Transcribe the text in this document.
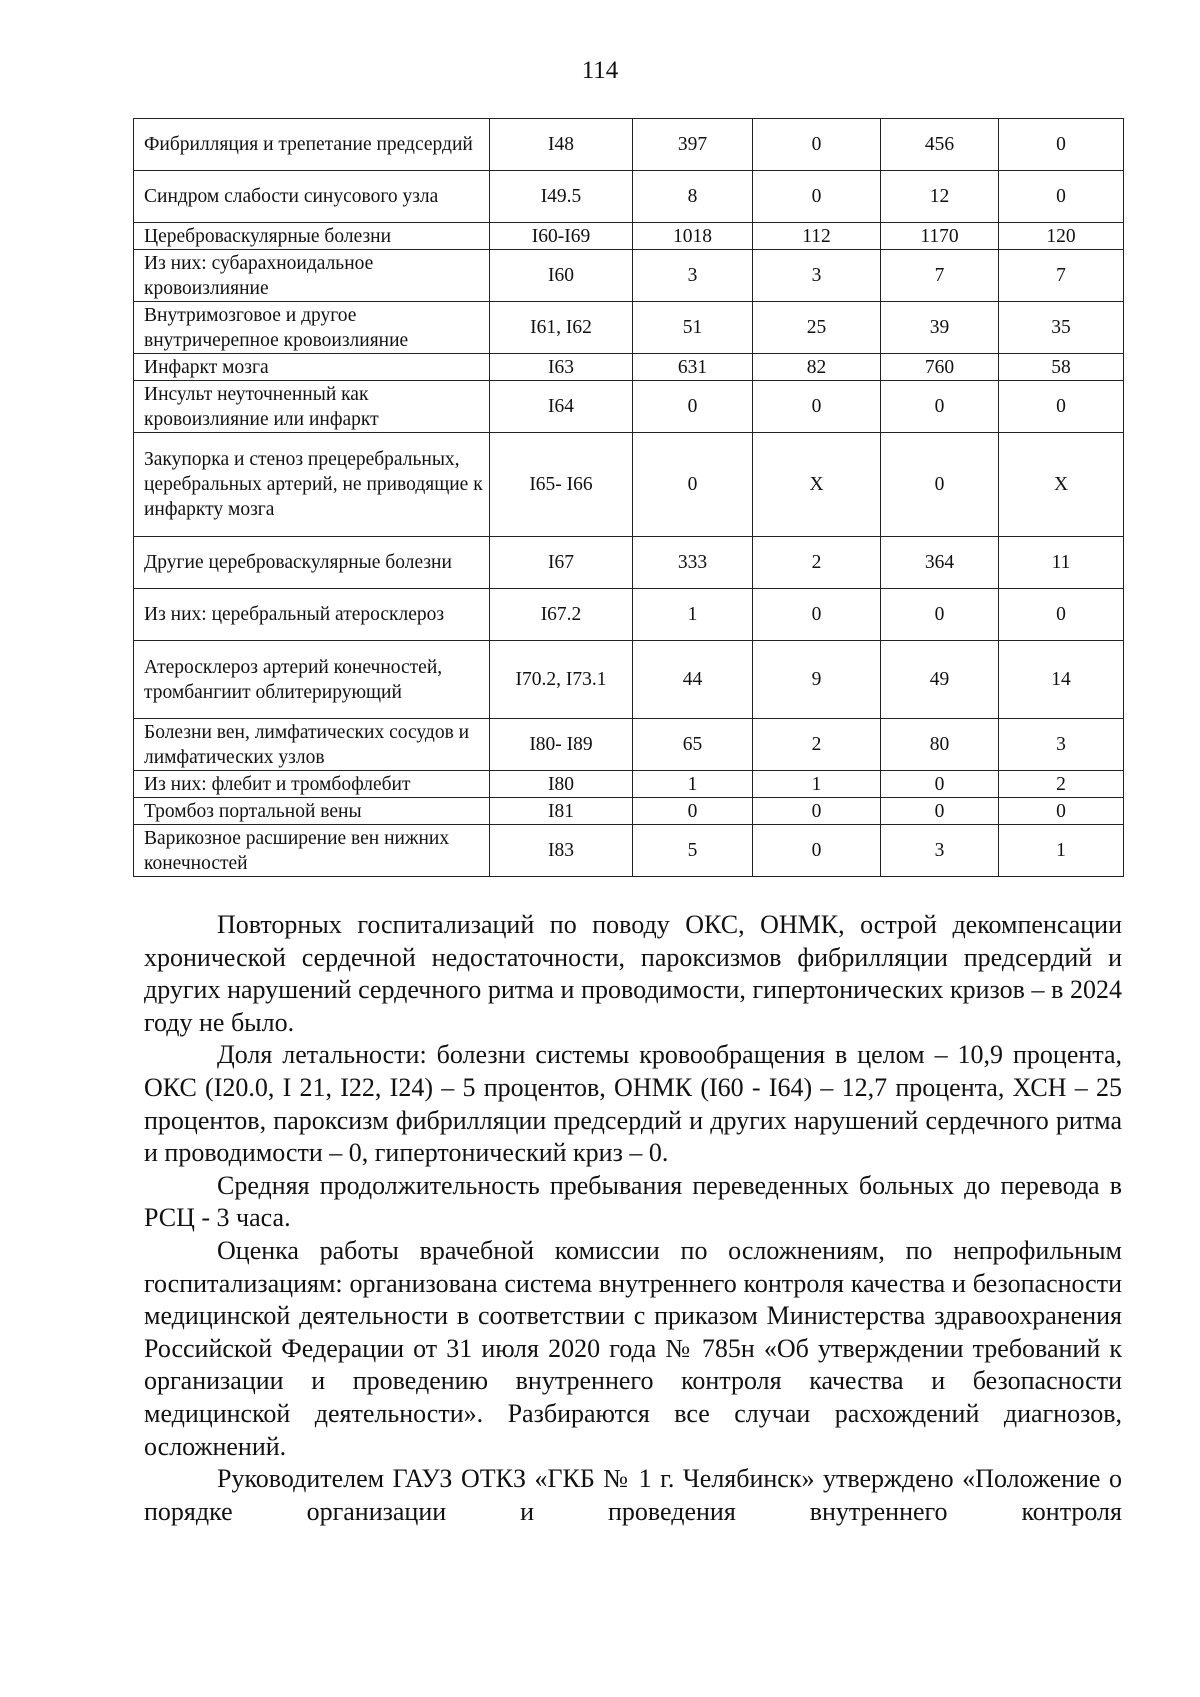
114
Фибрилляция и трепетание предсердий	I48	397	0	456	0
Синдром слабости синусового узла	I49.5	8	0	12	0
Цереброваскулярные болезни	I60-I69	1018	112	1170	120
Из них: субарахноидальное кровоизлияние	I60	3	3	7	7
Внутримозговое и другое внутричерепное кровоизлияние	I61, I62	51	25	39	35
Инфаркт мозга	I63	631	82	760	58
Инсульт неуточненный как кровоизлияние или инфаркт	I64	0	0	0	0
Закупорка и стеноз прецеребральных, церебральных артерий, не приводящие к инфаркту мозга	I65- I66	0	Х	0	Х
Другие цереброваскулярные болезни	I67	333	2	364	11
Из них: церебральный атеросклероз	I67.2	1	0	0	0
Атеросклероз артерий конечностей, тромбангиит облитерирующий	I70.2, I73.1	44	9	49	14
Болезни вен, лимфатических сосудов и лимфатических узлов	I80- I89	65	2	80	3
Из них: флебит и тромбофлебит	I80	1	1	0	2
Тромбоз портальной вены	I81	0	0	0	0
Варикозное расширение вен нижних конечностей	I83	5	0	3	1

Повторных госпитализаций по поводу ОКС, ОНМК, острой декомпенсации хронической сердечной недостаточности, пароксизмов фибрилляции предсердий и других нарушений сердечного ритма и проводимости, гипертонических кризов – в 2024 году не было.

Доля летальности: болезни системы кровообращения в целом – 10,9 процента, ОКС (I20.0, I 21, I22, I24) – 5 процентов, ОНМК (I60 - I64) – 12,7 процента, ХСН – 25 процентов, пароксизм фибрилляции предсердий и других нарушений сердечного ритма и проводимости – 0, гипертонический криз – 0.

Средняя продолжительность пребывания переведенных больных до перевода в РСЦ - 3 часа.

Оценка работы врачебной комиссии по осложнениям, по непрофильным госпитализациям: организована система внутреннего контроля качества и безопасности медицинской деятельности в соответствии с приказом Министерства здравоохранения Российской Федерации от 31 июля 2020 года № 785н «Об утверждении требований к организации и проведению внутреннего контроля качества и безопасности медицинской деятельности». Разбираются все случаи расхождений диагнозов, осложнений.

Руководителем ГАУЗ ОТКЗ «ГКБ № 1 г. Челябинск» утверждено «Положение о порядке организации и проведения внутреннего контроля
